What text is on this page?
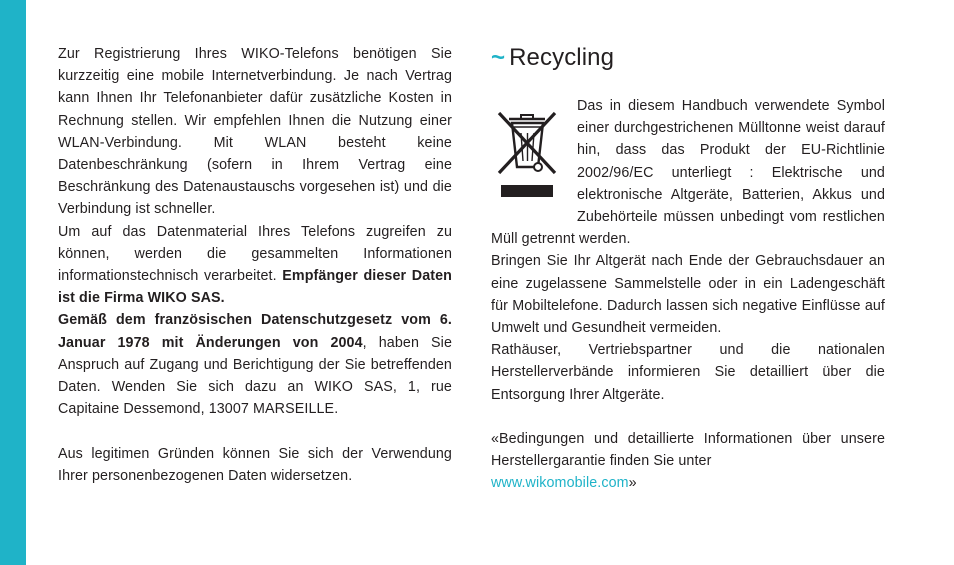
Zur Registrierung Ihres WIKO-Telefons benötigen Sie kurzzeitig eine mobile Internetverbindung. Je nach Vertrag kann Ihnen Ihr Telefonanbieter dafür zusätzliche Kosten in Rechnung stellen. Wir empfehlen Ihnen die Nutzung einer WLAN-Verbindung. Mit WLAN besteht keine Datenbeschränkung (sofern in Ihrem Vertrag eine Beschränkung des Datenaustauschs vorgesehen ist) und die Verbindung ist schneller.

Um auf das Datenmaterial Ihres Telefons zugreifen zu können, werden die gesammelten Informationen informationstechnisch verarbeitet. Empfänger dieser Daten ist die Firma WIKO SAS.

Gemäß dem französischen Datenschutzgesetz vom 6. Januar 1978 mit Änderungen von 2004, haben Sie Anspruch auf Zugang und Berichtigung der Sie betreffenden Daten. Wenden Sie sich dazu an WIKO SAS, 1, rue Capitaine Dessemond, 13007 MARSEILLE.

Aus legitimen Gründen können Sie sich der Verwendung Ihrer personenbezogenen Daten widersetzen.

~ Recycling

Das in diesem Handbuch verwendete Symbol einer durchgestrichenen Mülltonne weist darauf hin, dass das Produkt der EU-Richtlinie 2002/96/EC unterliegt : Elektrische und elektronische Altgeräte, Batterien, Akkus und Zubehörteile müssen unbedingt vom restlichen Müll getrennt werden.

Bringen Sie Ihr Altgerät nach Ende der Gebrauchsdauer an eine zugelassene Sammelstelle oder in ein Ladengeschäft für Mobiltelefone. Dadurch lassen sich negative Einflüsse auf Umwelt und Gesundheit vermeiden.

Rathäuser, Vertriebspartner und die nationalen Herstellerverbände informieren Sie detailliert über die Entsorgung Ihrer Altgeräte.

«Bedingungen und detaillierte Informationen über unsere Herstellergarantie finden Sie unter
www.wikomobile.com»
